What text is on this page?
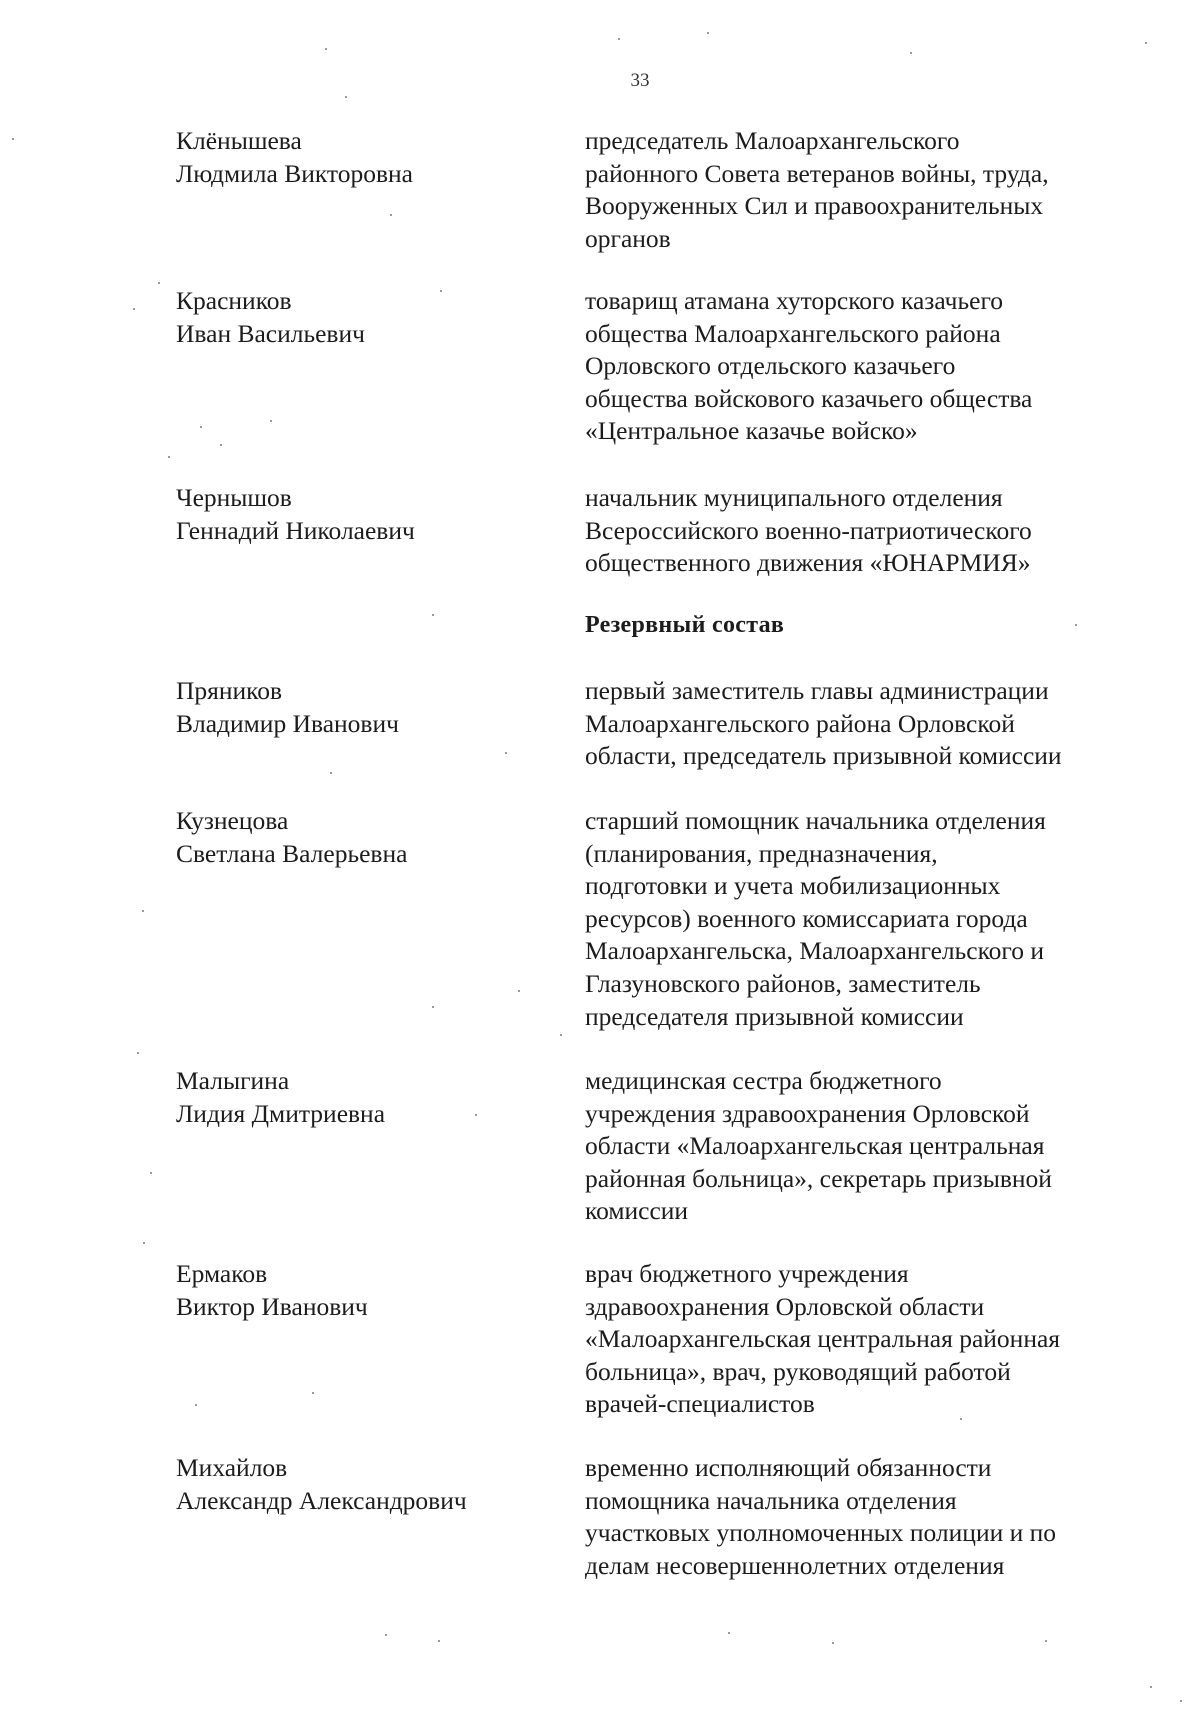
33
Клёнышева
Людмила Викторовна
председатель Малоархангельского
районного Совета ветеранов войны, труда,
Вооруженных Сил и правоохранительных
органов
Красников
Иван Васильевич
товарищ атамана хуторского казачьего
общества Малоархангельского района
Орловского отдельского казачьего
общества войскового казачьего общества
«Центральное казачье войско»
Чернышов
Геннадий Николаевич
начальник муниципального отделения
Всероссийского военно-патриотического
общественного движения «ЮНАРМИЯ»
Резервный состав
Пряников
Владимир Иванович
первый заместитель главы администрации
Малоархангельского района Орловской
области, председатель призывной комиссии
Кузнецова
Светлана Валерьевна
старший помощник начальника отделения
(планирования, предназначения,
подготовки и учета мобилизационных
ресурсов) военного комиссариата города
Малоархангельска, Малоархангельского и
Глазуновского районов, заместитель
председателя призывной комиссии
Малыгина
Лидия Дмитриевна
медицинская сестра бюджетного
учреждения здравоохранения Орловской
области «Малоархангельская центральная
районная больница», секретарь призывной
комиссии
Ермаков
Виктор Иванович
врач бюджетного учреждения
здравоохранения Орловской области
«Малоархангельская центральная районная
больница», врач, руководящий работой
врачей-специалистов
Михайлов
Александр Александрович
временно исполняющий обязанности
помощника начальника отделения
участковых уполномоченных полиции и по
делам несовершеннолетних отделения
